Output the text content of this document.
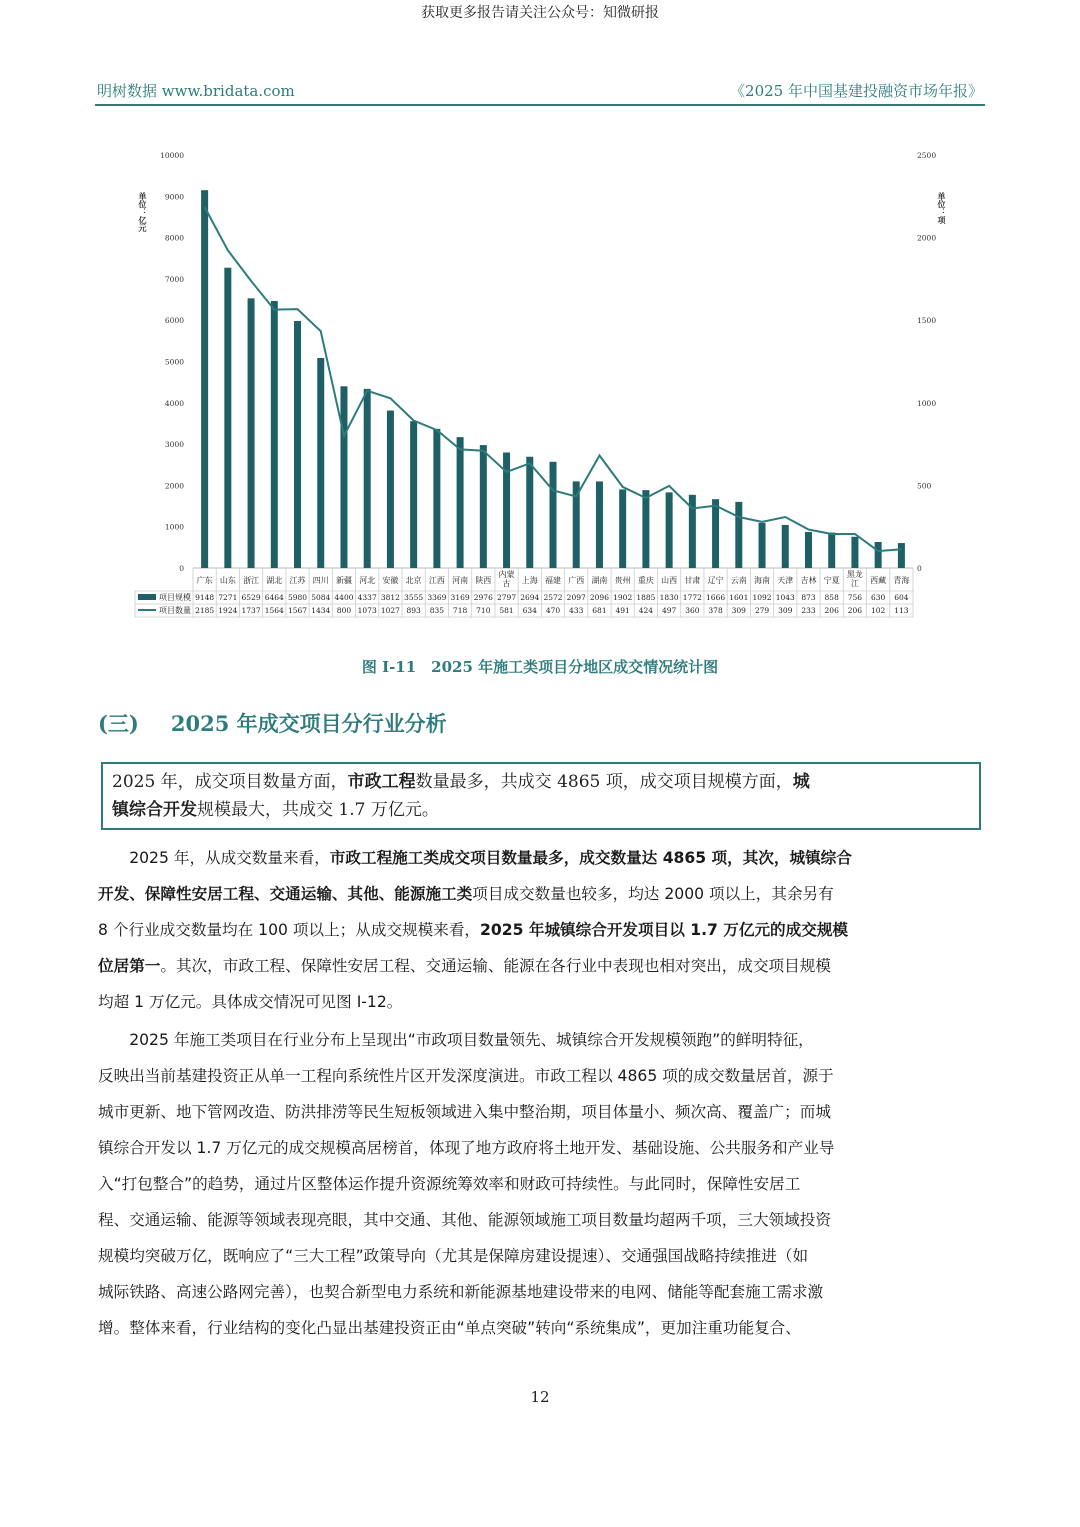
获取更多报告请关注公众号：知微研报
明树数据 www.bridata.com	《2025 年中国基建投融资市场年报》
0
1000
2000
3000
4000
5000
6000
7000
8000
9000
10000
0
500
1000
1500
2000
2500
单位：亿元	单位：项
广东 山东 浙江 湖北 江苏 四川 新疆 河北 安徽 北京 江西 河南 陕西
内蒙
古 上海 福建 广西 湖南 贵州 重庆 山西 甘肃 辽宁 云南 海南 天津 吉林 宁夏
黑龙
江 西藏 青海
项目规模
项目数量
9148 7271 6529 6464 5980 5084 4400 4337 3812 3555 3369 3169 2976 2797 2694 2572 2097 2096 1902 1885 1830 1772 1666 1601 1092 1043 873 858 756 630 604
2185 1924 1737 1564 1567 1434 800 1073 1027 893 835 718 710 581 634 470 433 681 491 424 497 360 378 309 279 309 233 206 206 102 113
图 I-11　2025 年施工类项目分地区成交情况统计图
(三) 2025 年成交项目分行业分析
2025 年，成交项目数量方面，市政工程数量最多，共成交 4865 项，成交项目规模方面，城
镇综合开发规模最大，共成交 1.7 万亿元。
　　2025 年，从成交数量来看，市政工程施工类成交项目数量最多，成交数量达 4865 项，其次，城镇综合
开发、保障性安居工程、交通运输、其他、能源施工类项目成交数量也较多，均达 2000 项以上，其余另有
8 个行业成交数量均在 100 项以上；从成交规模来看，2025 年城镇综合开发项目以 1.7 万亿元的成交规模
位居第一。其次，市政工程、保障性安居工程、交通运输、能源在各行业中表现也相对突出，成交项目规模
均超 1 万亿元。具体成交情况可见图 I-12。
　　2025 年施工类项目在行业分布上呈现出“市政项目数量领先、城镇综合开发规模领跑”的鲜明特征，
反映出当前基建投资正从单一工程向系统性片区开发深度演进。市政工程以 4865 项的成交数量居首，源于
城市更新、地下管网改造、防洪排涝等民生短板领域进入集中整治期，项目体量小、频次高、覆盖广；而城
镇综合开发以 1.7 万亿元的成交规模高居榜首，体现了地方政府将土地开发、基础设施、公共服务和产业导
入“打包整合”的趋势，通过片区整体运作提升资源统筹效率和财政可持续性。与此同时，保障性安居工
程、交通运输、能源等领域表现亮眼，其中交通、其他、能源领域施工项目数量均超两千项，三大领域投资
规模均突破万亿，既响应了“三大工程”政策导向（尤其是保障房建设提速）、交通强国战略持续推进（如
城际铁路、高速公路网完善），也契合新型电力系统和新能源基地建设带来的电网、储能等配套施工需求激
增。整体来看，行业结构的变化凸显出基建投资正由“单点突破”转向“系统集成”，更加注重功能复合、
12
